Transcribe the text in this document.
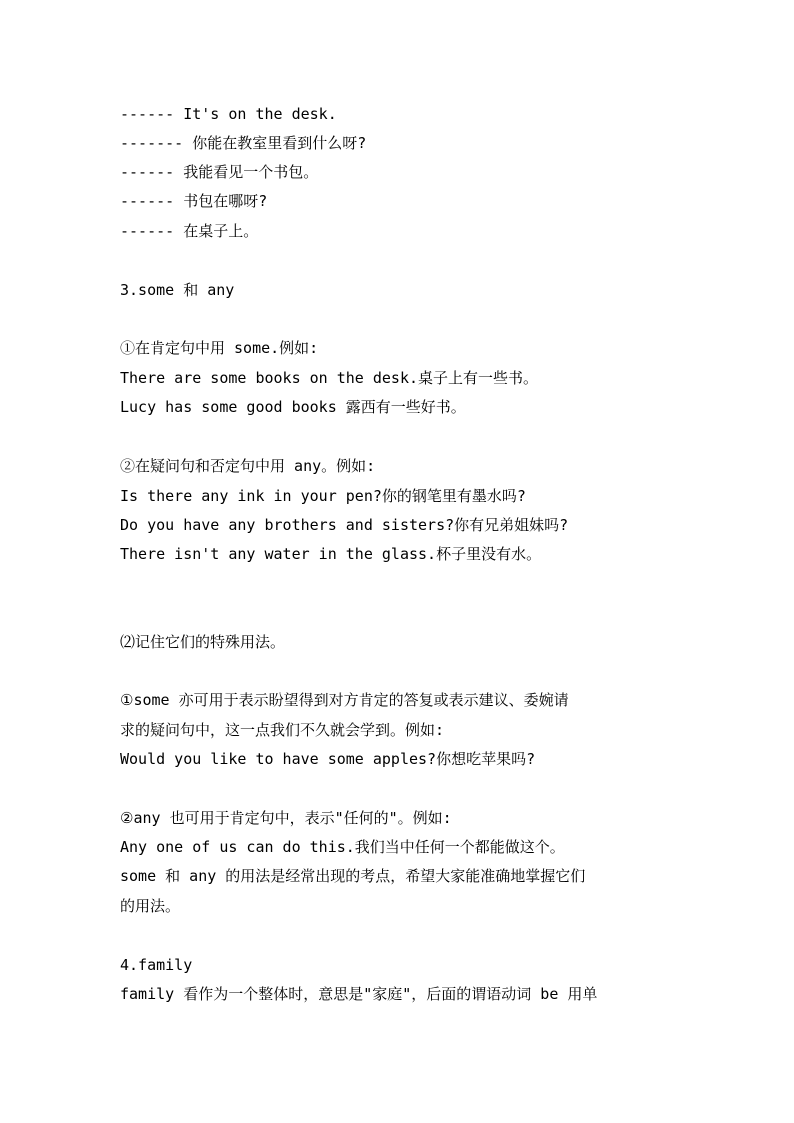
------ It's on the desk.
------- 你能在教室里看到什么呀?
------ 我能看见一个书包。
------ 书包在哪呀?
------ 在桌子上。
3.some 和 any
①在肯定句中用 some.例如:
There are some books on the desk.桌子上有一些书。
Lucy has some good books 露西有一些好书。
②在疑问句和否定句中用 any。例如:
Is there any ink in your pen?你的钢笔里有墨水吗?
Do you have any brothers and sisters?你有兄弟姐妹吗?
There isn't any water in the glass.杯子里没有水。
⑵记住它们的特殊用法。
①some 亦可用于表示盼望得到对方肯定的答复或表示建议、委婉请
求的疑问句中，这一点我们不久就会学到。例如:
Would you like to have some apples?你想吃苹果吗?
②any 也可用于肯定句中，表示"任何的"。例如:
Any one of us can do this.我们当中任何一个都能做这个。
some 和 any 的用法是经常出现的考点，希望大家能准确地掌握它们
的用法。
4.family
family 看作为一个整体时，意思是"家庭"，后面的谓语动词 be 用单
